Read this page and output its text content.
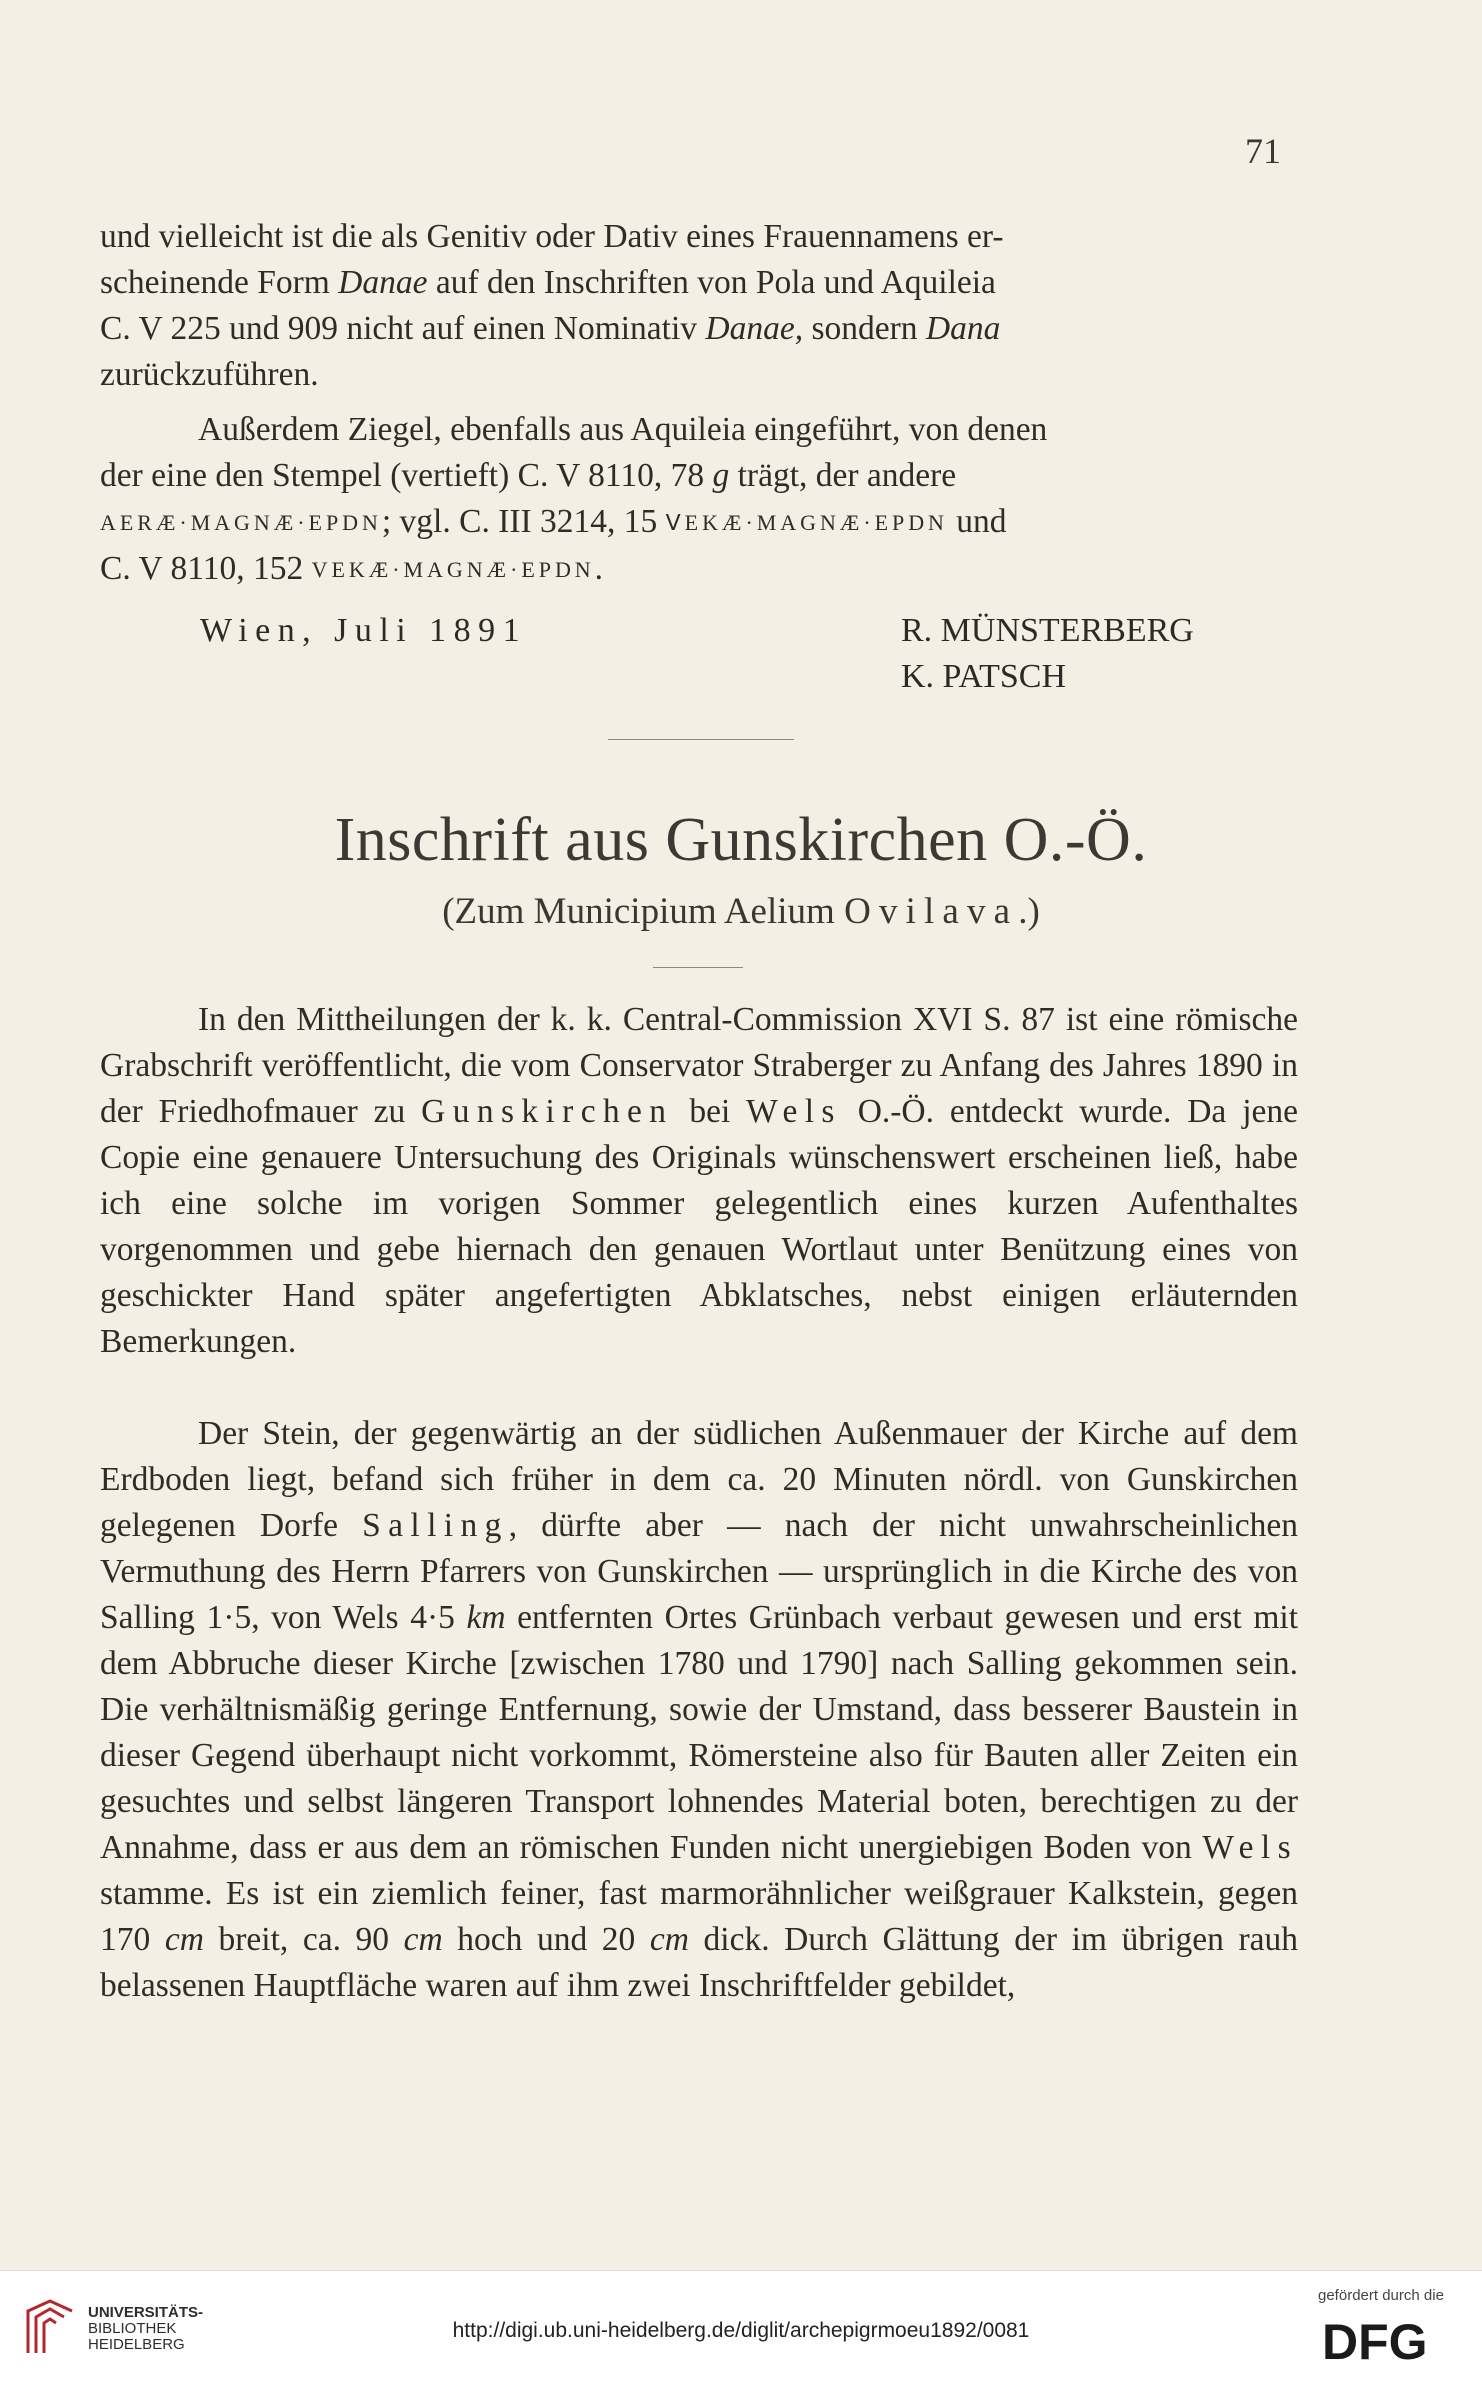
71

und vielleicht ist die als Genitiv oder Dativ eines Frauennamens er-

scheinende Form Danae auf den Inschriften von Pola und Aquileia

C. V 225 und 909 nicht auf einen Nominativ Danae, sondern Dana

zurückzuführen.

Außerdem Ziegel, ebenfalls aus Aquileia eingeführt, von denen

der eine den Stempel (vertieft) C. V 8110, 78 g trägt, der andere

AERÆ·MAGNÆ·EPDN; vgl. C. III 3214, 15 ᐯEKÆ·MAGNÆ·EPDN und

C. V 8110, 152 VEKÆ·MAGNÆ·EPDN.

Wien, Juli 1891	R. MÜNSTERBERG
K. PATSCH
Inschrift aus Gunskirchen O.-Ö.
(Zum Municipium Aelium Ovilava.)

In den Mittheilungen der k. k. Central-Commission XVI S. 87 ist eine römische Grabschrift veröffentlicht, die vom Conservator Straberger zu Anfang des Jahres 1890 in der Friedhofmauer zu Gunskirchen bei Wels O.-Ö. entdeckt wurde. Da jene Copie eine genauere Untersuchung des Originals wünschenswert erscheinen ließ, habe ich eine solche im vorigen Sommer gelegentlich eines kurzen Aufenthaltes vorgenommen und gebe hiernach den genauen Wortlaut unter Benützung eines von geschickter Hand später angefertigten Abklatsches, nebst einigen erläuternden Bemerkungen.

Der Stein, der gegenwärtig an der südlichen Außenmauer der Kirche auf dem Erdboden liegt, befand sich früher in dem ca. 20 Minuten nördl. von Gunskirchen gelegenen Dorfe Salling, dürfte aber — nach der nicht unwahrscheinlichen Vermuthung des Herrn Pfarrers von Gunskirchen — ursprünglich in die Kirche des von Salling 1·5, von Wels 4·5 km entfernten Ortes Grünbach verbaut gewesen und erst mit dem Abbruche dieser Kirche [zwischen 1780 und 1790] nach Salling gekommen sein. Die verhältnismäßig geringe Entfernung, sowie der Umstand, dass besserer Baustein in dieser Gegend überhaupt nicht vorkommt, Römersteine also für Bauten aller Zeiten ein gesuchtes und selbst längeren Transport lohnendes Material boten, berechtigen zu der Annahme, dass er aus dem an römischen Funden nicht unergiebigen Boden von Wels stamme. Es ist ein ziemlich feiner, fast marmorähnlicher weißgrauer Kalkstein, gegen 170 cm breit, ca. 90 cm hoch und 20 cm dick. Durch Glättung der im übrigen rauh belassenen Hauptfläche waren auf ihm zwei Inschriftfelder gebildet,

UNIVERSITÄTS-
BIBLIOTHEK
HEIDELBERG
http://digi.ub.uni-heidelberg.de/diglit/archepigrmoeu1892/0081
gefördert durch die
DFG
